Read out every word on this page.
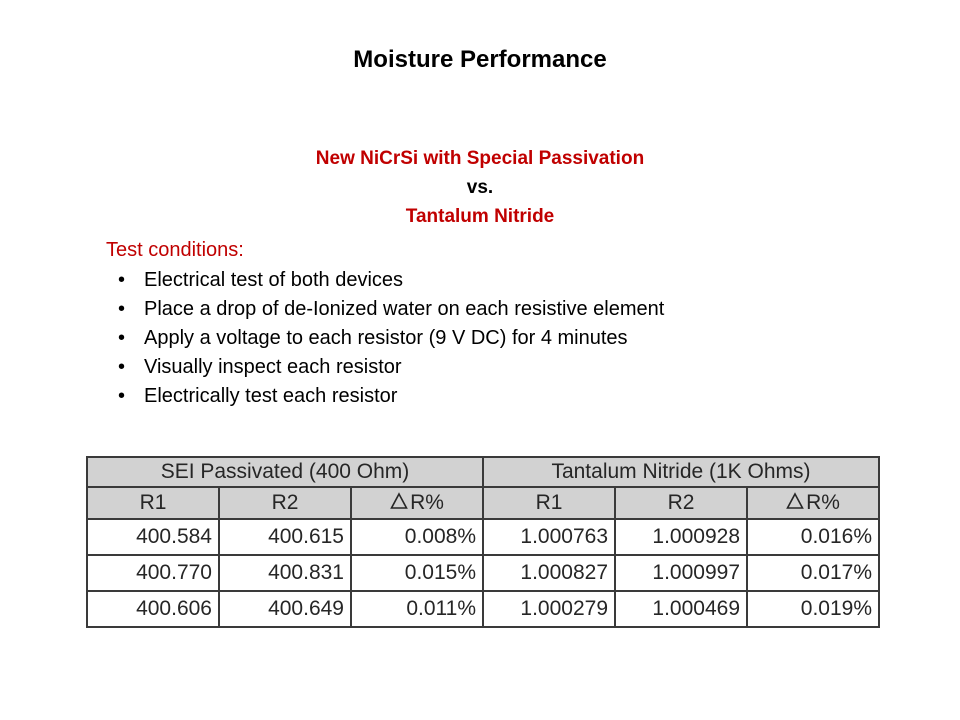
Moisture Performance
New NiCrSi with Special Passivation
vs.
Tantalum Nitride
Test conditions:
• Electrical test of both devices
• Place a drop of de-Ionized water on each resistive element
• Apply a voltage to each resistor (9 V DC) for 4 minutes
• Visually inspect each resistor
• Electrically test each resistor
SEI Passivated (400 Ohm)			Tantalum Nitride (1K Ohms)		
R1	R2	R%	R1	R2	R%
400.584	400.615	0.008%	1.000763	1.000928	0.016%
400.770	400.831	0.015%	1.000827	1.000997	0.017%
400.606	400.649	0.011%	1.000279	1.000469	0.019%
